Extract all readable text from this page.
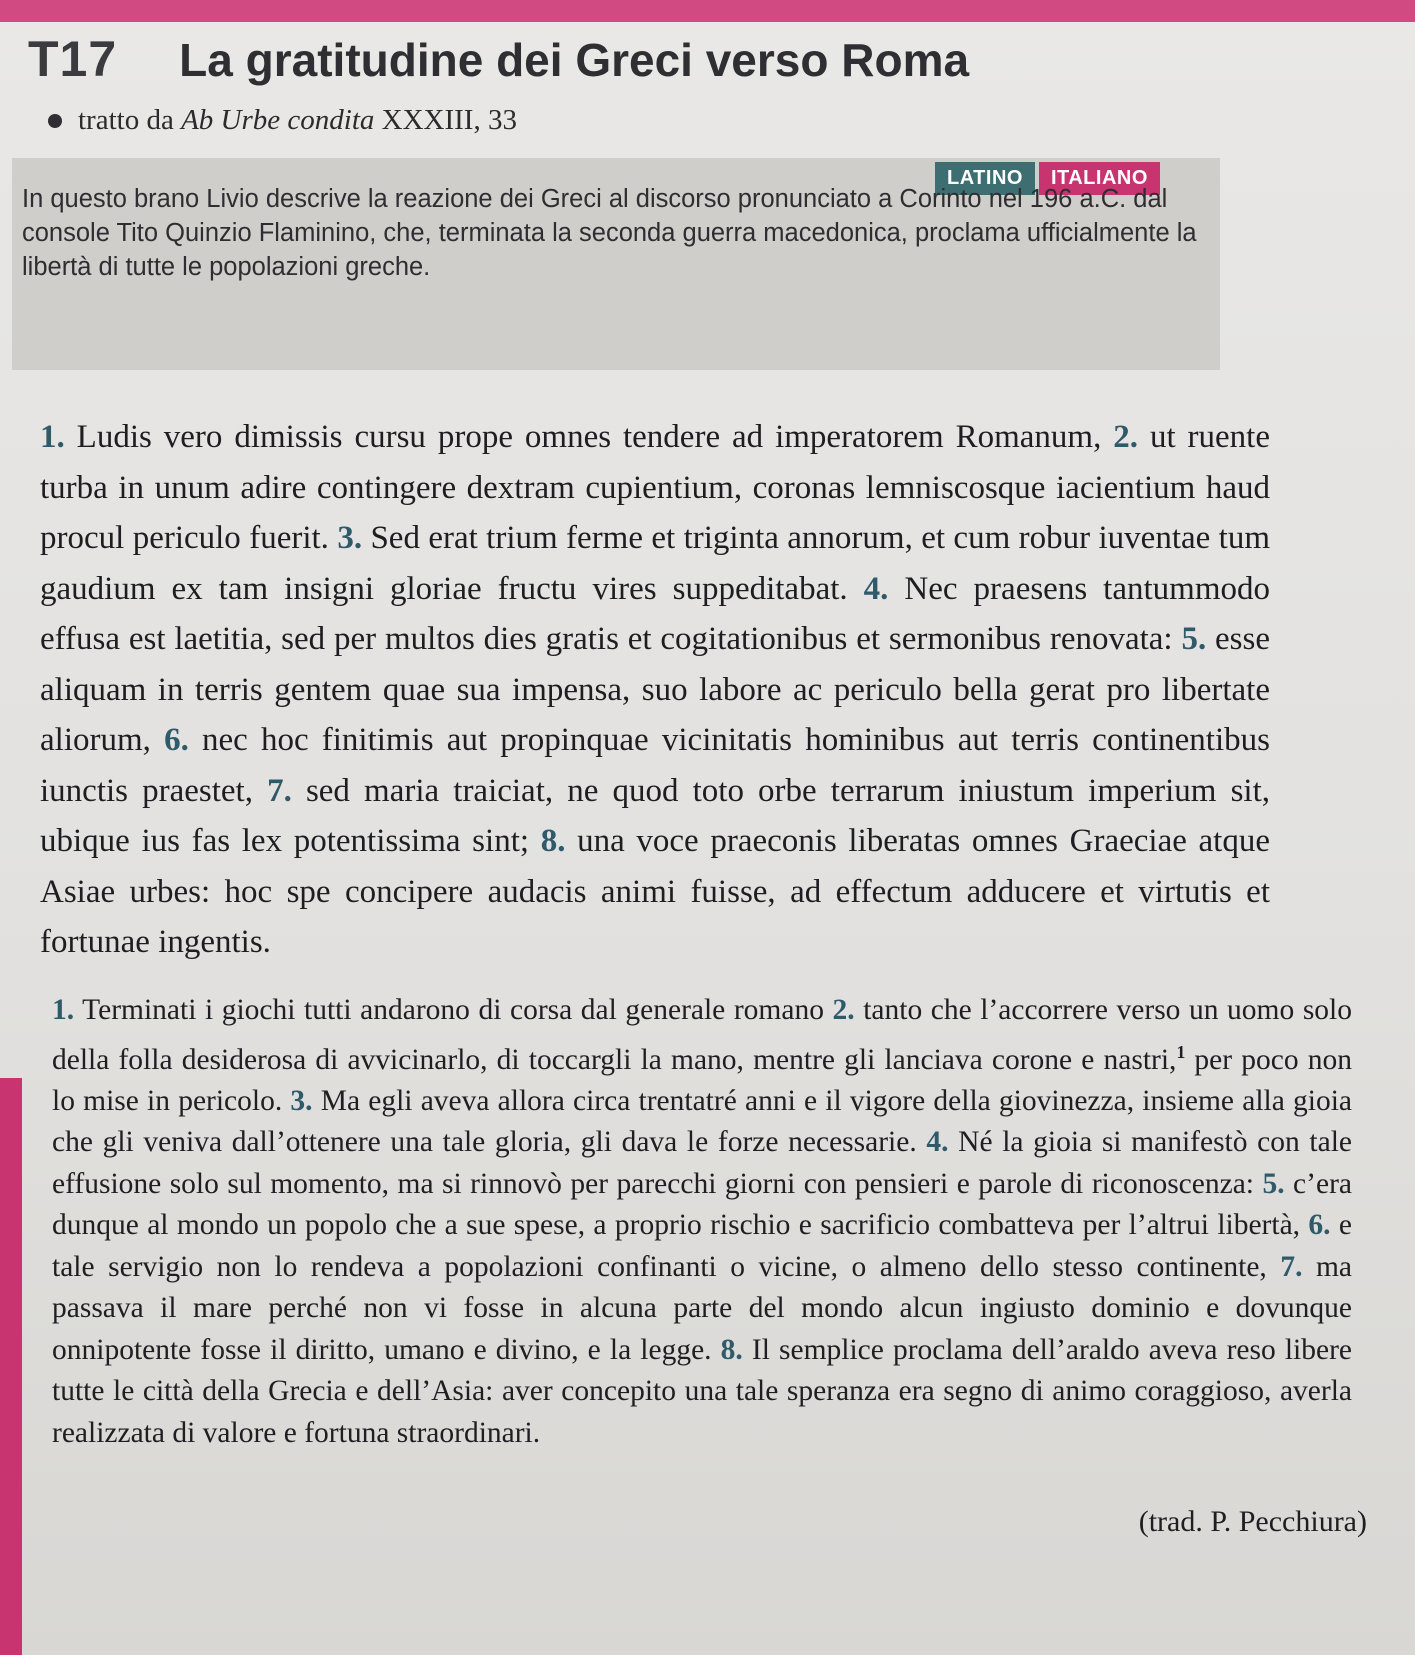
T17 La gratitudine dei Greci verso Roma
tratto da Ab Urbe condita XXXIII, 33
LATINO	ITALIANO
In questo brano Livio descrive la reazione dei Greci al discorso pronunciato a Corinto nel 196 a.C. dal console Tito Quinzio Flaminino, che, terminata la seconda guerra macedonica, proclama ufficialmente la libertà di tutte le popolazioni greche.
1. Ludis vero dimissis cursu prope omnes tendere ad imperatorem Romanum, 2. ut ruente turba in unum adire contingere dextram cupientium, coronas lemniscosque iacientium haud procul periculo fuerit. 3. Sed erat trium ferme et triginta annorum, et cum robur iuventae tum gaudium ex tam insigni gloriae fructu vires suppeditabat. 4. Nec praesens tantummodo effusa est laetitia, sed per multos dies gratis et cogitationibus et sermonibus renovata: 5. esse aliquam in terris gentem quae sua impensa, suo labore ac periculo bella gerat pro libertate aliorum, 6. nec hoc finitimis aut propinquae vicinitatis hominibus aut terris continentibus iunctis praestet, 7. sed maria traiciat, ne quod toto orbe terrarum iniustum imperium sit, ubique ius fas lex potentissima sint; 8. una voce praeconis liberatas omnes Graeciae atque Asiae urbes: hoc spe concipere audacis animi fuisse, ad effectum adducere et virtutis et fortunae ingentis.
1. Terminati i giochi tutti andarono di corsa dal generale romano 2. tanto che l’accorrere verso un uomo solo della folla desiderosa di avvicinarlo, di toccargli la mano, mentre gli lanciava corone e nastri,$^1$ per poco non lo mise in pericolo. 3. Ma egli aveva allora circa trentatré anni e il vigore della giovinezza, insieme alla gioia che gli veniva dall’ottenere una tale gloria, gli dava le forze necessarie. 4. Né la gioia si manifestò con tale effusione solo sul momento, ma si rinnovò per parecchi giorni con pensieri e parole di riconoscenza: 5. c’era dunque al mondo un popolo che a sue spese, a proprio rischio e sacrificio combatteva per l’altrui libertà, 6. e tale servigio non lo rendeva a popolazioni confinanti o vicine, o almeno dello stesso continente, 7. ma passava il mare perché non vi fosse in alcuna parte del mondo alcun ingiusto dominio e dovunque onnipotente fosse il diritto, umano e divino, e la legge. 8. Il semplice proclama dell’araldo aveva reso libere tutte le città della Grecia e dell’Asia: aver concepito una tale speranza era segno di animo coraggioso, averla realizzata di valore e fortuna straordinari.
(trad. P. Pecchiura)
